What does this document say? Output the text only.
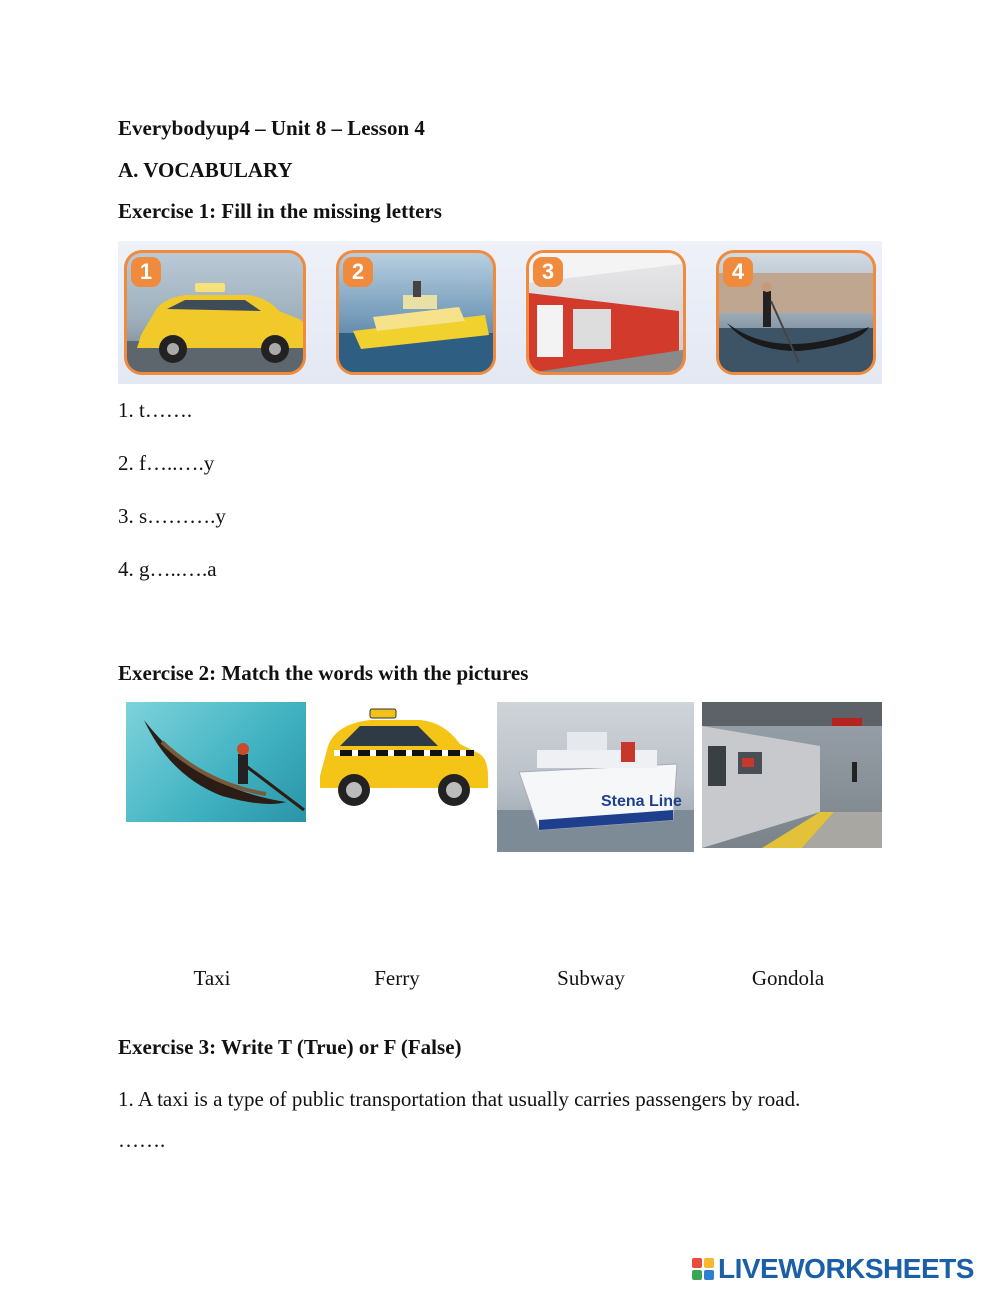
Everybodyup4 – Unit 8 – Lesson 4
A. VOCABULARY
Exercise 1: Fill in the missing letters
1	2	3	4
1. t…….
2. f…..….y
3. s……….y
4. g…..….a
Exercise 2: Match the words with the pictures
Stena Line
Taxi	Ferry	Subway	Gondola
Exercise 3: Write T (True) or F (False)
1. A taxi is a type of public transportation that usually carries passengers by road.
…….
LIVEWORKSHEETS
